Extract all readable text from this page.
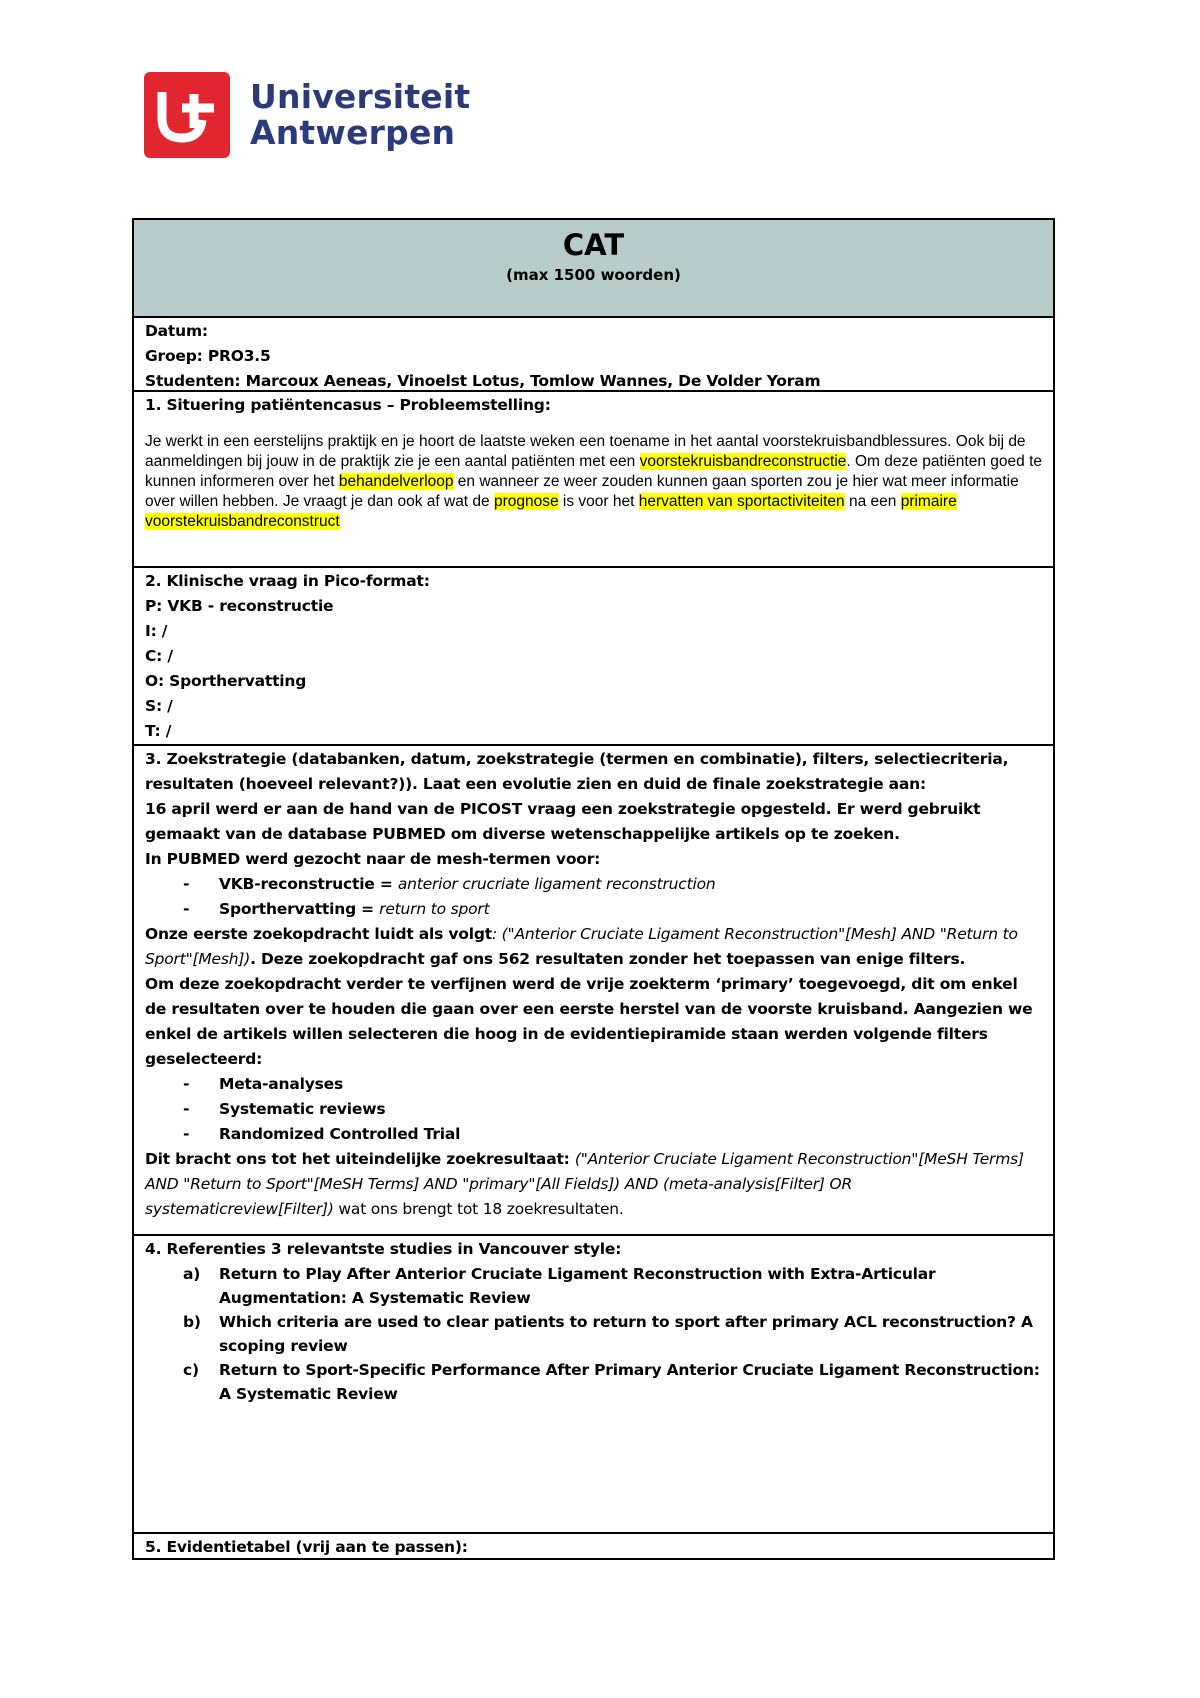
Universiteit
Antwerpen
CAT
(max 1500 woorden)
Datum:
Groep: PRO3.5
Studenten: Marcoux Aeneas, Vinoelst Lotus, Tomlow Wannes, De Volder Yoram
1. Situering patiëntencasus – Probleemstelling:
Je werkt in een eerstelijns praktijk en je hoort de laatste weken een toename in het aantal voorstekruisbandblessures. Ook bij de aanmeldingen bij jouw in de praktijk zie je een aantal patiënten met een voorstekruisbandreconstructie. Om deze patiënten goed te kunnen informeren over het behandelverloop en wanneer ze weer zouden kunnen gaan sporten zou je hier wat meer informatie over willen hebben. Je vraagt je dan ook af wat de prognose is voor het hervatten van sportactiviteiten na een primaire voorstekruisbandreconstruct
2. Klinische vraag in Pico-format:
P: VKB - reconstructie
I: /
C: /
O: Sporthervatting
S: /
T: /
3. Zoekstrategie (databanken, datum, zoekstrategie (termen en combinatie), filters, selectiecriteria, resultaten (hoeveel relevant?)). Laat een evolutie zien en duid de finale zoekstrategie aan:
16 april werd er aan de hand van de PICOST vraag een zoekstrategie opgesteld. Er werd gebruikt gemaakt van de database PUBMED om diverse wetenschappelijke artikels op te zoeken.
In PUBMED werd gezocht naar de mesh-termen voor:
- VKB-reconstructie = anterior crucriate ligament reconstruction
- Sporthervatting = return to sport
Onze eerste zoekopdracht luidt als volgt: ("Anterior Cruciate Ligament Reconstruction"[Mesh] AND "Return to Sport"[Mesh]). Deze zoekopdracht gaf ons 562 resultaten zonder het toepassen van enige filters.
Om deze zoekopdracht verder te verfijnen werd de vrije zoekterm ‘primary’ toegevoegd, dit om enkel de resultaten over te houden die gaan over een eerste herstel van de voorste kruisband. Aangezien we enkel de artikels willen selecteren die hoog in de evidentiepiramide staan werden volgende filters geselecteerd:
- Meta-analyses
- Systematic reviews
- Randomized Controlled Trial
Dit bracht ons tot het uiteindelijke zoekresultaat: ("Anterior Cruciate Ligament Reconstruction"[MeSH Terms] AND "Return to Sport"[MeSH Terms] AND "primary"[All Fields]) AND (meta-analysis[Filter] OR systematicreview[Filter]) wat ons brengt tot 18 zoekresultaten.
4. Referenties 3 relevantste studies in Vancouver style:
a) Return to Play After Anterior Cruciate Ligament Reconstruction with Extra-Articular Augmentation: A Systematic Review
b) Which criteria are used to clear patients to return to sport after primary ACL reconstruction? A scoping review
c) Return to Sport-Specific Performance After Primary Anterior Cruciate Ligament Reconstruction: A Systematic Review
5. Evidentietabel (vrij aan te passen):
